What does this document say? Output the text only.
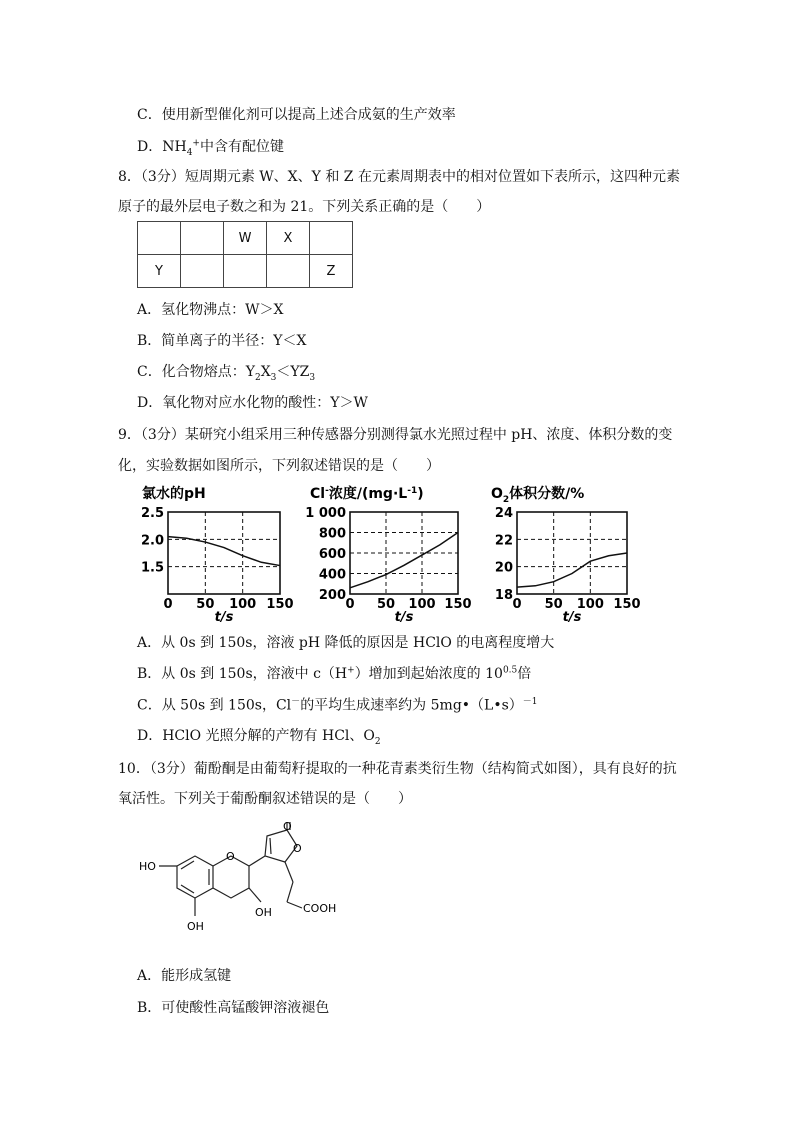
C．使用新型催化剂可以提高上述合成氨的生产效率
D．$NH_4^+$中含有配位键
8．（3分）短周期元素 W、X、Y 和 Z 在元素周期表中的相对位置如下表所示，这四种元素
原子的最外层电子数之和为 21。下列关系正确的是（　　）
		W	X	
Y				Z
A．氢化物沸点：W＞X
B．简单离子的半径：Y＜X
C．化合物熔点：$Y_2X_3<YZ_3$
D．氧化物对应水化物的酸性：Y＞W
9．（3分）某研究小组采用三种传感器分别测得氯水光照过程中 pH、浓度、体积分数的变
化，实验数据如图所示，下列叙述错误的是（　　）
氯水的pH
0 50 100 150
1.5
2.0
2.5
t/s
Cl-浓度$/(mg\cdot L^{-1})$
0 50 100 150
200
400
600
800
1 000
t/s
$O_2$体积分数/%
0 50 100 150
18
20
22
24
t/s
A．从 0s 到 150s，溶液 pH 降低的原因是 HClO 的电离程度增大
B．从 0s 到 150s，溶液中 c（H+）增加到起始浓度的 $10^{0.5}$倍
C．从 50s 到 150s，Cl－的平均生成速率约为 5mg•（L•s）$^{-1}$
D．HClO 光照分解的产物有 HCl、$O_2$
10．（3分）葡酚酮是由葡萄籽提取的一种花青素类衍生物（结构简式如图），具有良好的抗
氧活性。下列关于葡酚酮叙述错误的是（　　）
HO
OH
OH
O
O
O
COOH
A．能形成氢键
B．可使酸性高锰酸钾溶液褪色
